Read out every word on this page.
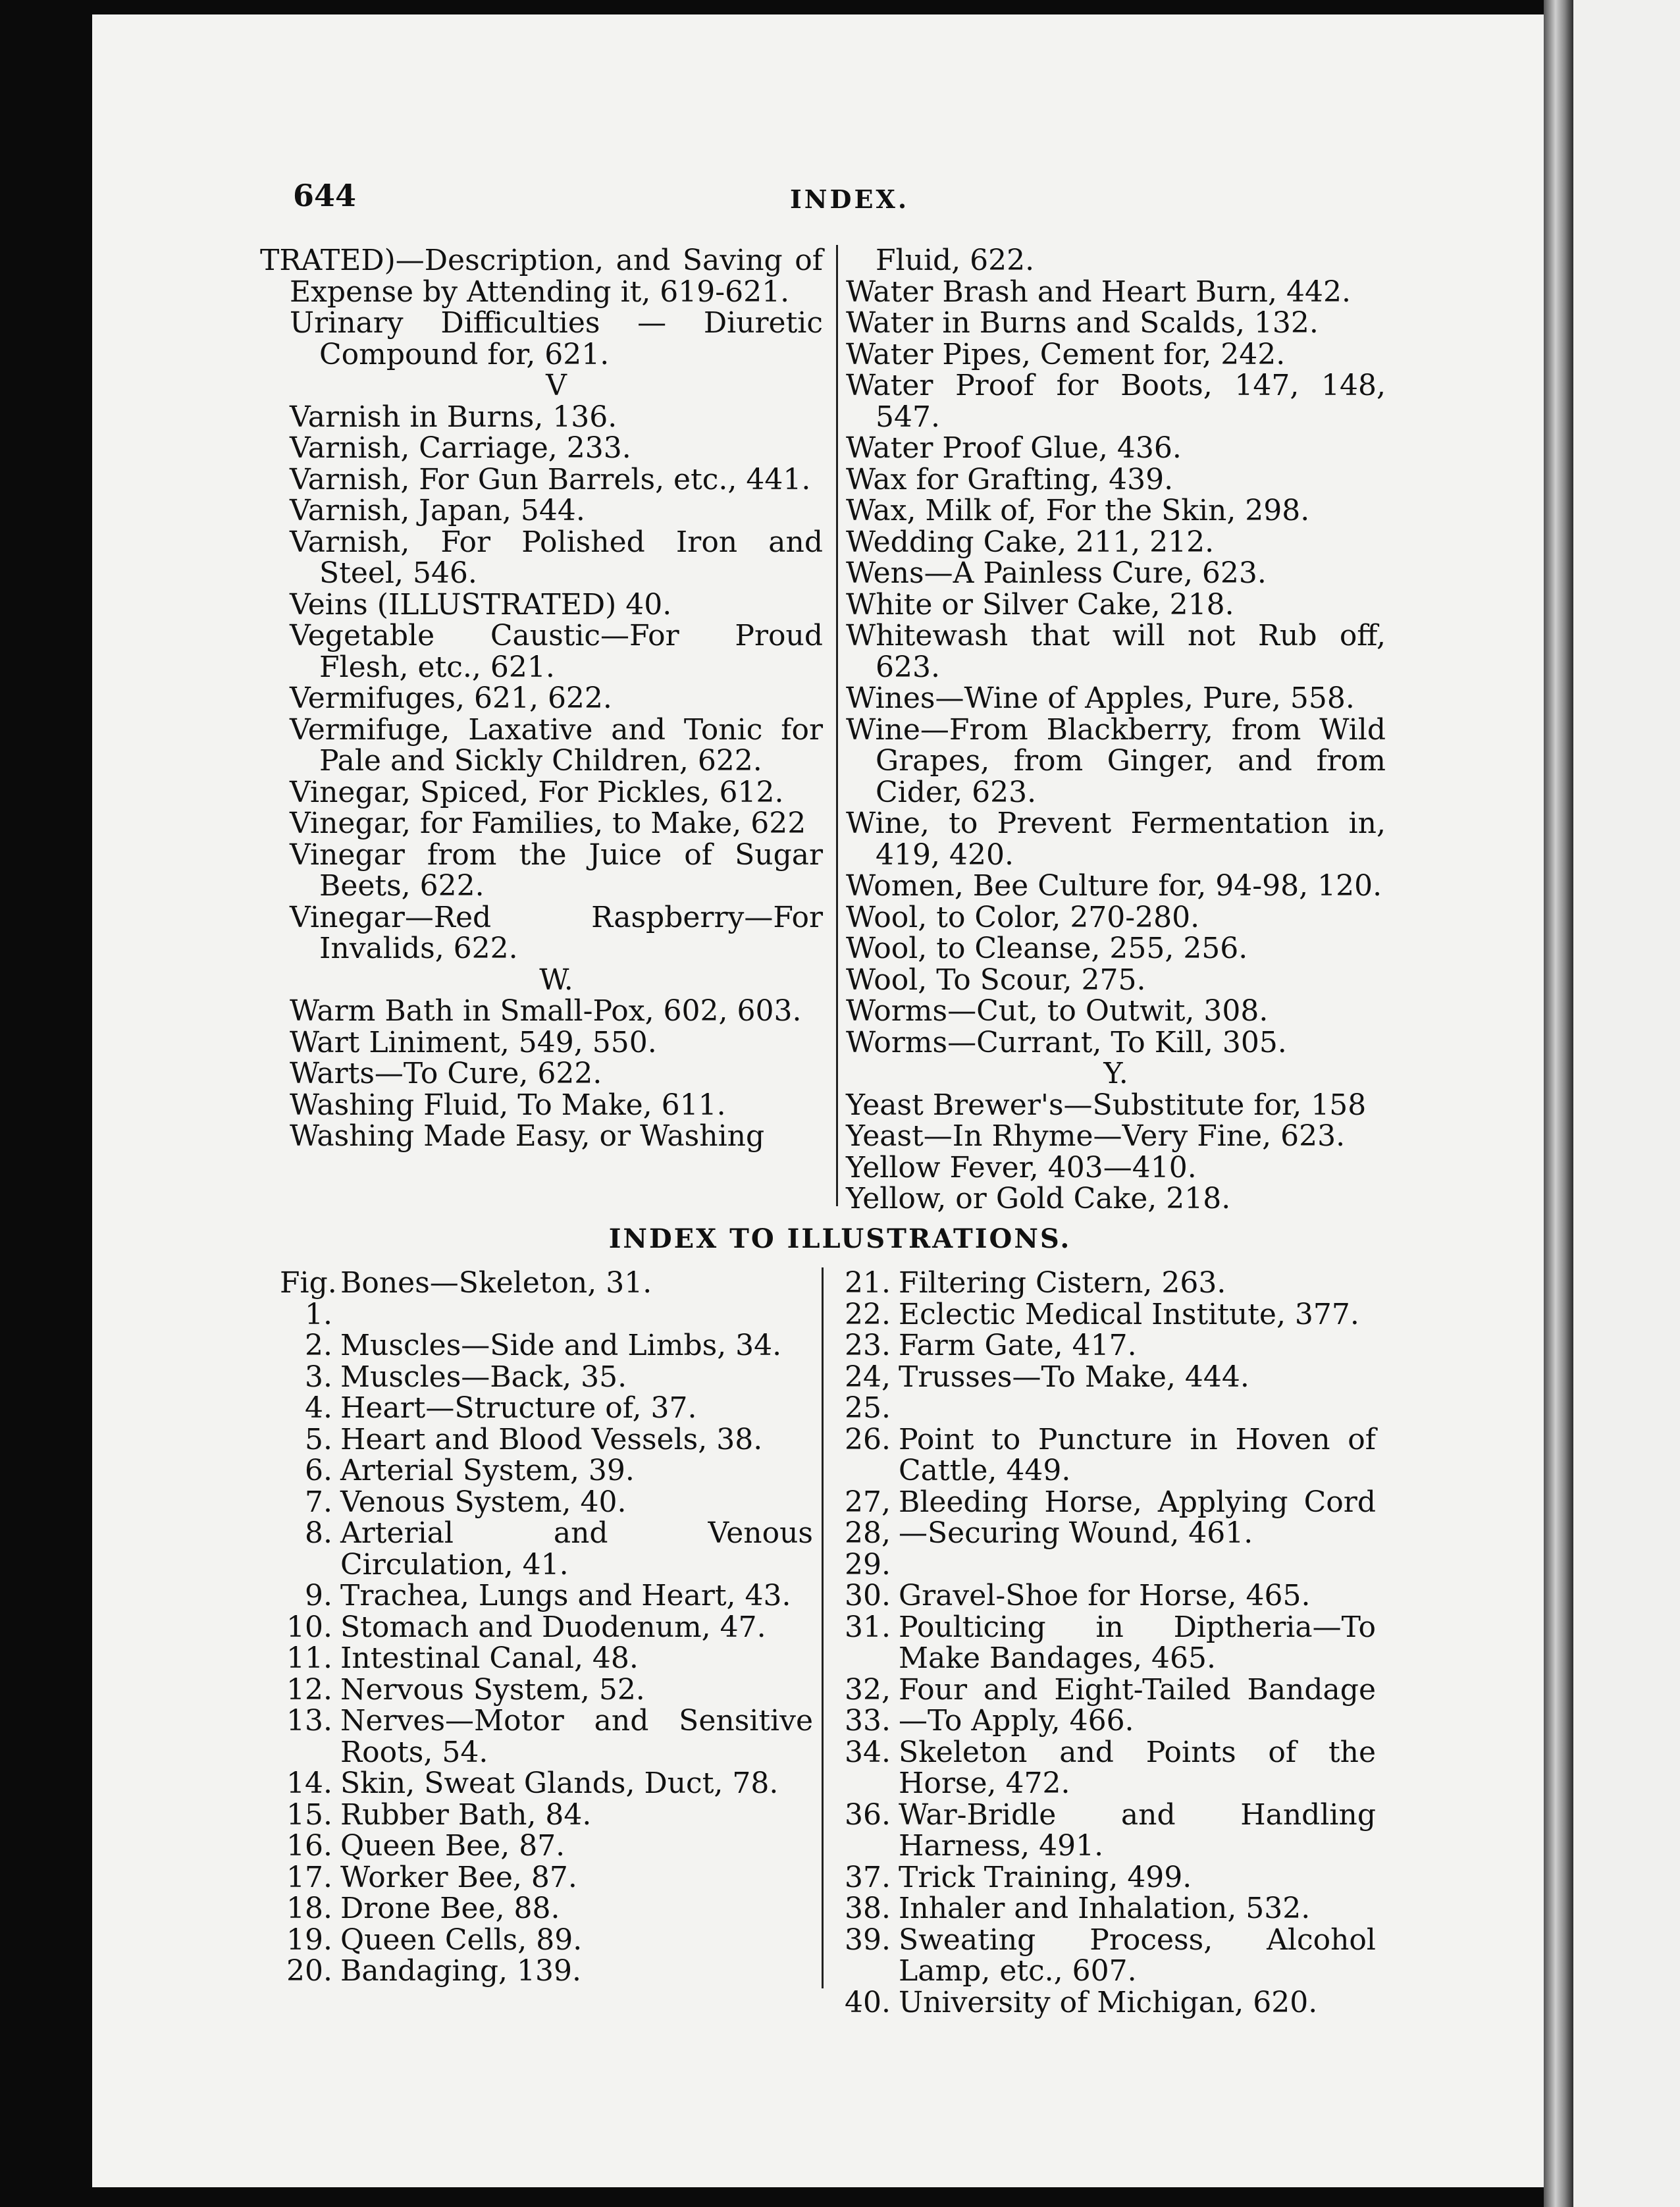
644	INDEX.
TRATED)—Description, and Saving of Expense by Attending it, 619-621.
Urinary Difficulties — Diuretic Compound for, 621.
V
Varnish in Burns, 136.
Varnish, Carriage, 233.
Varnish, For Gun Barrels, etc., 441.
Varnish, Japan, 544.
Varnish, For Polished Iron and Steel, 546.
Veins (ILLUSTRATED) 40.
Vegetable Caustic—For Proud Flesh, etc., 621.
Vermifuges, 621, 622.
Vermifuge, Laxative and Tonic for Pale and Sickly Children, 622.
Vinegar, Spiced, For Pickles, 612.
Vinegar, for Families, to Make, 622
Vinegar from the Juice of Sugar Beets, 622.
Vinegar—Red Raspberry—For Invalids, 622.
W.
Warm Bath in Small-Pox, 602, 603.
Wart Liniment, 549, 550.
Warts—To Cure, 622.
Washing Fluid, To Make, 611.
Washing Made Easy, or Washing
Fluid, 622.
Water Brash and Heart Burn, 442.
Water in Burns and Scalds, 132.
Water Pipes, Cement for, 242.
Water Proof for Boots, 147, 148, 547.
Water Proof Glue, 436.
Wax for Grafting, 439.
Wax, Milk of, For the Skin, 298.
Wedding Cake, 211, 212.
Wens—A Painless Cure, 623.
White or Silver Cake, 218.
Whitewash that will not Rub off, 623.
Wines—Wine of Apples, Pure, 558.
Wine—From Blackberry, from Wild Grapes, from Ginger, and from Cider, 623.
Wine, to Prevent Fermentation in, 419, 420.
Women, Bee Culture for, 94-98, 120.
Wool, to Color, 270-280.
Wool, to Cleanse, 255, 256.
Wool, To Scour, 275.
Worms—Cut, to Outwit, 308.
Worms—Currant, To Kill, 305.
Y.
Yeast Brewer's—Substitute for, 158
Yeast—In Rhyme—Very Fine, 623.
Yellow Fever, 403—410.
Yellow, or Gold Cake, 218.
INDEX TO ILLUSTRATIONS.
Fig. 1.
Bones—Skeleton, 31.
2. Muscles—Side and Limbs, 34.
3. Muscles—Back, 35.
4. Heart—Structure of, 37.
5. Heart and Blood Vessels, 38.
6. Arterial System, 39.
7. Venous System, 40.
8. Arterial and Venous Circulation, 41.
9. Trachea, Lungs and Heart, 43.
10. Stomach and Duodenum, 47.
11. Intestinal Canal, 48.
12. Nervous System, 52.
13. Nerves—Motor and Sensitive Roots, 54.
14. Skin, Sweat Glands, Duct, 78.
15. Rubber Bath, 84.
16. Queen Bee, 87.
17. Worker Bee, 87.
18. Drone Bee, 88.
19. Queen Cells, 89.
20. Bandaging, 139.
21. Filtering Cistern, 263.
22. Eclectic Medical Institute, 377.
23. Farm Gate, 417.
24, 25.
Trusses—To Make, 444.
26. Point to Puncture in Hoven of Cattle, 449.
27, 28, 29.
Bleeding Horse, Applying Cord—Securing Wound, 461.
30. Gravel-Shoe for Horse, 465.
31. Poulticing in Diptheria—To Make Bandages, 465.
32, 33.
Four and Eight-Tailed Bandage—To Apply, 466.
34. Skeleton and Points of the Horse, 472.
36. War-Bridle and Handling Harness, 491.
37. Trick Training, 499.
38. Inhaler and Inhalation, 532.
39. Sweating Process, Alcohol Lamp, etc., 607.
40. University of Michigan, 620.
